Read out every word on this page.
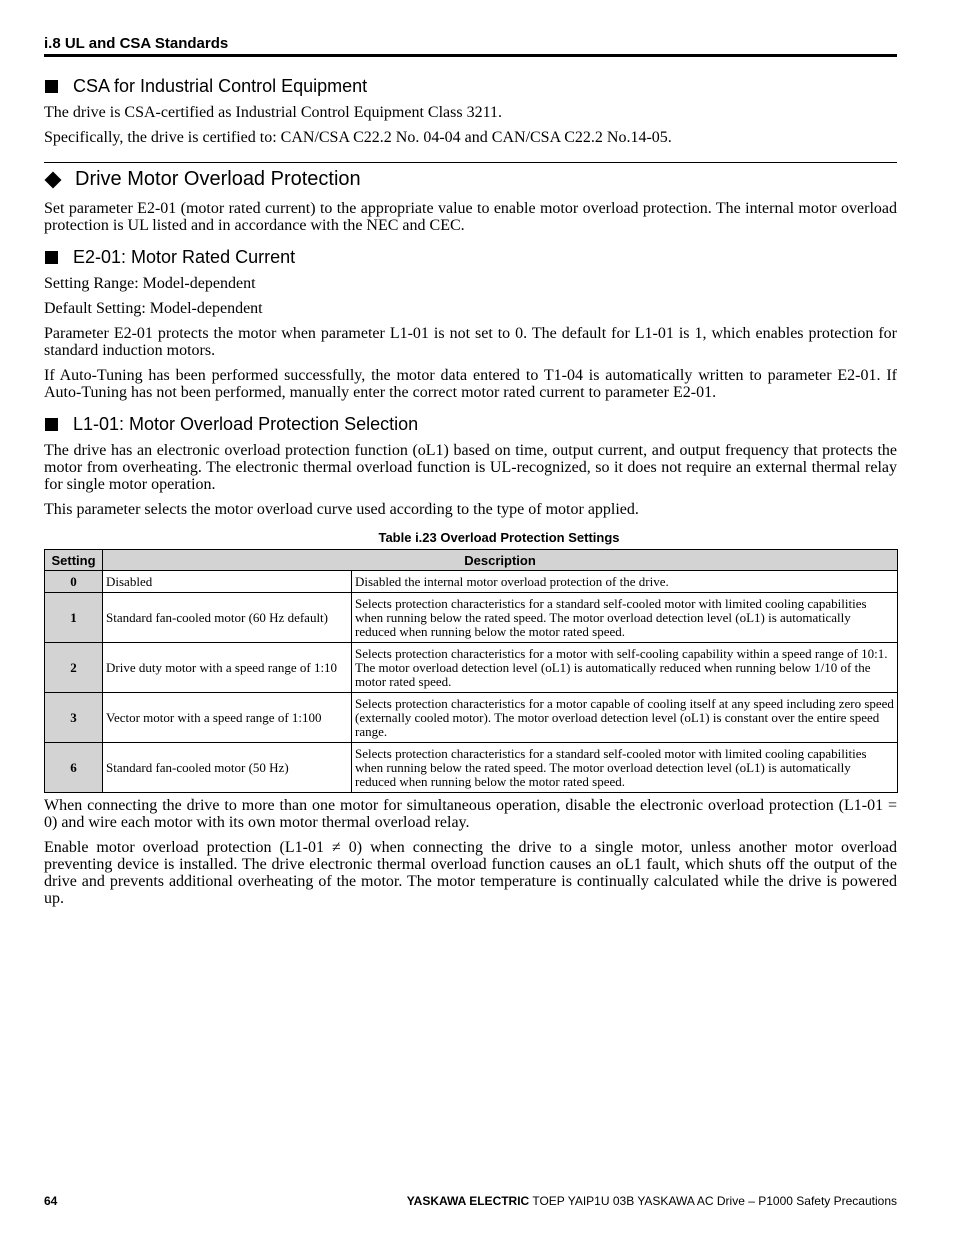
i.8 UL and CSA Standards
CSA for Industrial Control Equipment
The drive is CSA-certified as Industrial Control Equipment Class 3211.
Specifically, the drive is certified to: CAN/CSA C22.2 No. 04-04 and CAN/CSA C22.2 No.14-05.
Drive Motor Overload Protection
Set parameter E2-01 (motor rated current) to the appropriate value to enable motor overload protection. The internal motor overload protection is UL listed and in accordance with the NEC and CEC.
E2-01: Motor Rated Current
Setting Range: Model-dependent
Default Setting: Model-dependent
Parameter E2-01 protects the motor when parameter L1-01 is not set to 0. The default for L1-01 is 1, which enables protection for standard induction motors.
If Auto-Tuning has been performed successfully, the motor data entered to T1-04 is automatically written to parameter E2-01. If Auto-Tuning has not been performed, manually enter the correct motor rated current to parameter E2-01.
L1-01: Motor Overload Protection Selection
The drive has an electronic overload protection function (oL1) based on time, output current, and output frequency that protects the motor from overheating. The electronic thermal overload function is UL-recognized, so it does not require an external thermal relay for single motor operation.
This parameter selects the motor overload curve used according to the type of motor applied.
Table i.23 Overload Protection Settings
Setting	Description	
0	Disabled	Disabled the internal motor overload protection of the drive.
1	Standard fan-cooled motor (60 Hz default)	Selects protection characteristics for a standard self-cooled motor with limited cooling capabilities when running below the rated speed. The motor overload detection level (oL1) is automatically reduced when running below the motor rated speed.
2	Drive duty motor with a speed range of 1:10	Selects protection characteristics for a motor with self-cooling capability within a speed range of 10:1. The motor overload detection level (oL1) is automatically reduced when running below 1/10 of the motor rated speed.
3	Vector motor with a speed range of 1:100	Selects protection characteristics for a motor capable of cooling itself at any speed including zero speed (externally cooled motor). The motor overload detection level (oL1) is constant over the entire speed range.
6	Standard fan-cooled motor (50 Hz)	Selects protection characteristics for a standard self-cooled motor with limited cooling capabilities when running below the rated speed. The motor overload detection level (oL1) is automatically reduced when running below the motor rated speed.
When connecting the drive to more than one motor for simultaneous operation, disable the electronic overload protection (L1-01 = 0) and wire each motor with its own motor thermal overload relay.
Enable motor overload protection (L1-01 ≠ 0) when connecting the drive to a single motor, unless another motor overload preventing device is installed. The drive electronic thermal overload function causes an oL1 fault, which shuts off the output of the drive and prevents additional overheating of the motor. The motor temperature is continually calculated while the drive is powered up.
64	YASKAWA ELECTRIC TOEP YAIP1U 03B YASKAWA AC Drive – P1000 Safety Precautions
